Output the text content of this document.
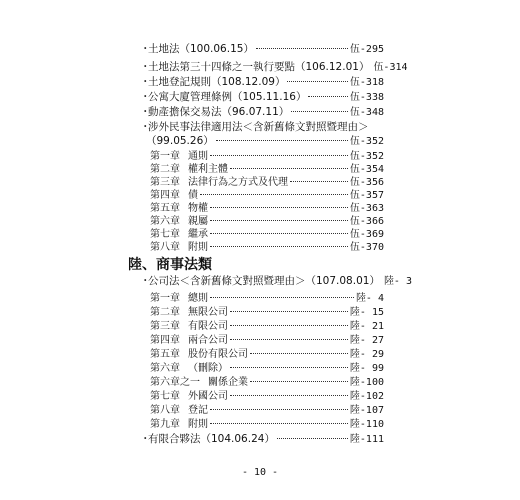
・
土地法（100.06.15）	伍-295
・
土地法第三十四條之一執行要點（106.12.01） 伍-314
・
土地登記規則（108.12.09）	伍-318
・
公寓大廈管理條例（105.11.16）	伍-338
・
動產擔保交易法（96.07.11）	伍-348
・涉外民事法律適用法＜含新舊條文對照暨理由＞
（99.05.26）	伍-352
第一章 通則	伍-352
第二章 權利主體	伍-354
第三章 法律行為之方式及代理	伍-356
第四章 債	伍-357
第五章 物權	伍-363
第六章 親屬	伍-366
第七章 繼承	伍-369
第八章 附則	伍-370
陸、商事法類
・
公司法＜含新舊條文對照暨理由＞（107.08.01） 陸- 3
第一章 總則	陸- 4
第二章 無限公司	陸- 15
第三章 有限公司	陸- 21
第四章 兩合公司	陸- 27
第五章 股份有限公司	陸- 29
第六章 （刪除）	陸- 99
第六章之一 關係企業	陸-100
第七章 外國公司	陸-102
第八章 登記	陸-107
第九章 附則	陸-110
・
有限合夥法（104.06.24）	陸-111
- 10 -
